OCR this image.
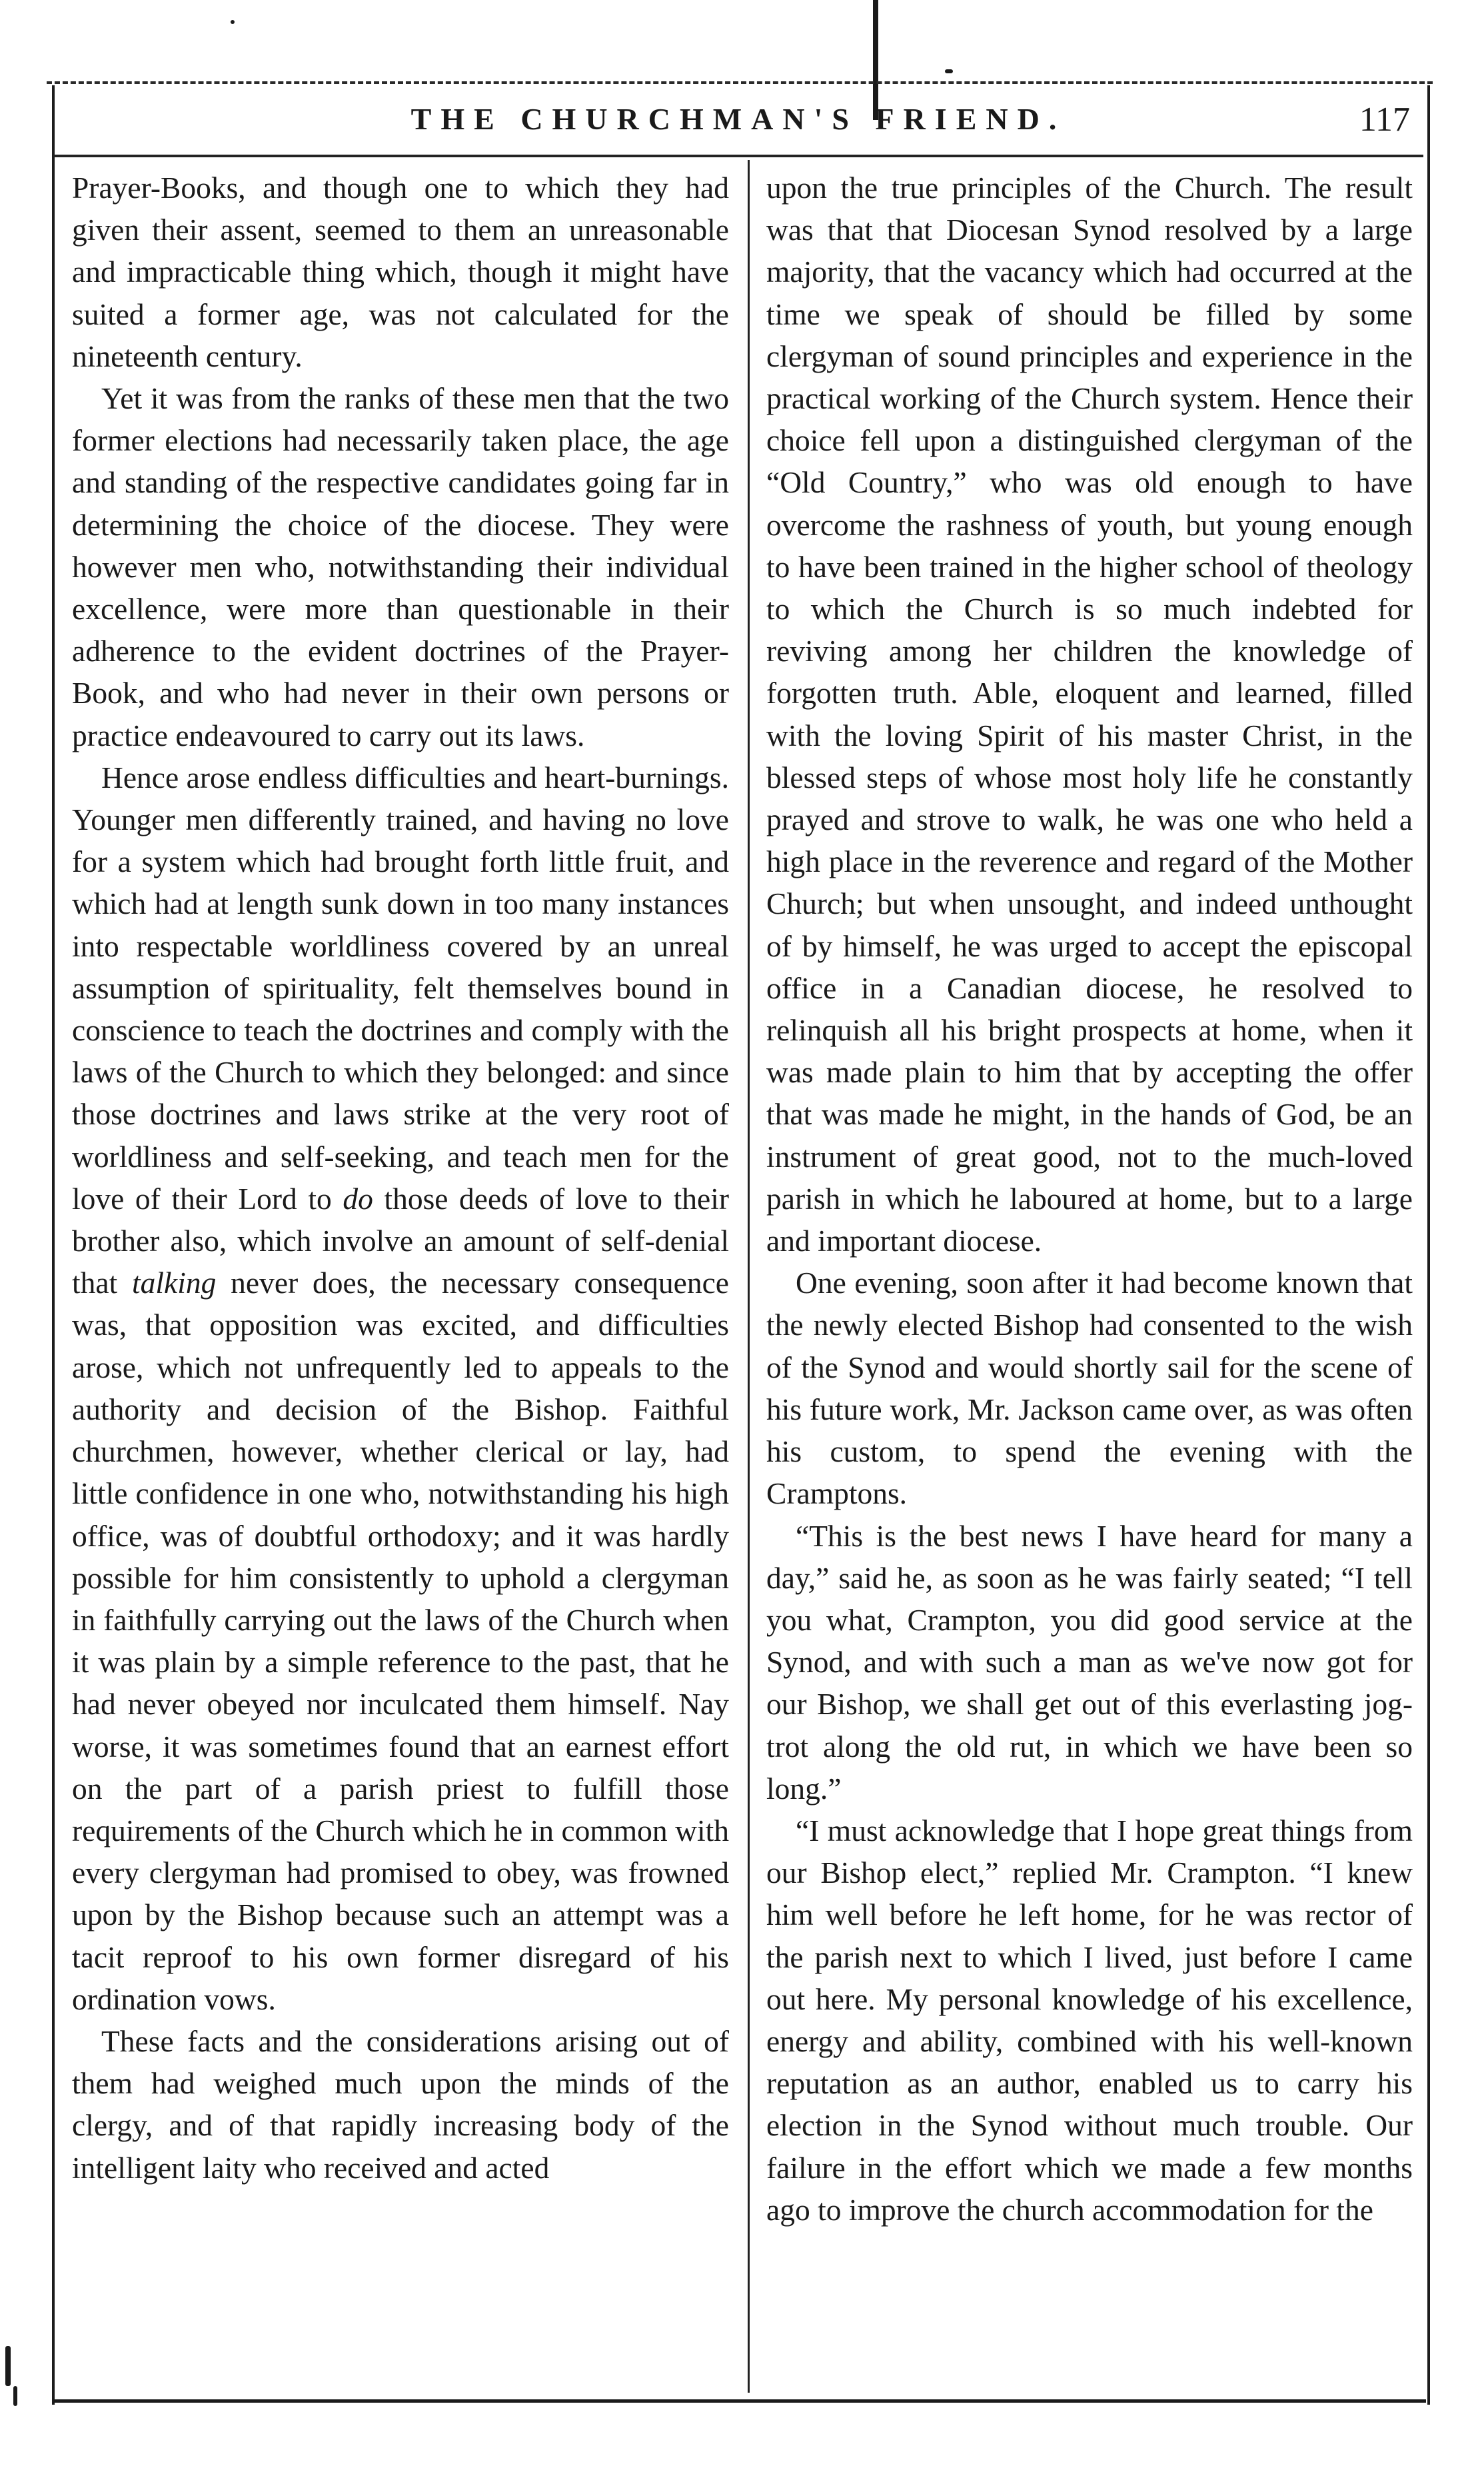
THE CHURCHMAN'S FRIEND.	117

Prayer-Books, and though one to which they had given their assent, seemed to them an unreasonable and impracticable thing which, though it might have suited a former age, was not calculated for the nineteenth century.

Yet it was from the ranks of these men that the two former elections had necessarily taken place, the age and standing of the respective candidates going far in determining the choice of the diocese. They were however men who, notwithstanding their individual excellence, were more than questionable in their adherence to the evident doctrines of the Prayer-Book, and who had never in their own persons or practice endeavoured to carry out its laws.

Hence arose endless difficulties and heart-burnings. Younger men differently trained, and having no love for a system which had brought forth little fruit, and which had at length sunk down in too many instances into respectable worldliness covered by an unreal assumption of spirituality, felt themselves bound in conscience to teach the doctrines and comply with the laws of the Church to which they belonged: and since those doctrines and laws strike at the very root of worldliness and self-seeking, and teach men for the love of their Lord to do those deeds of love to their brother also, which involve an amount of self-denial that talking never does, the necessary consequence was, that opposition was excited, and difficulties arose, which not unfrequently led to appeals to the authority and decision of the Bishop. Faithful churchmen, however, whether clerical or lay, had little confidence in one who, notwithstanding his high office, was of doubtful orthodoxy; and it was hardly possible for him consistently to uphold a clergyman in faithfully carrying out the laws of the Church when it was plain by a simple reference to the past, that he had never obeyed nor inculcated them himself. Nay worse, it was sometimes found that an earnest effort on the part of a parish priest to fulfill those requirements of the Church which he in common with every clergyman had promised to obey, was frowned upon by the Bishop because such an attempt was a tacit reproof to his own former disregard of his ordination vows.

These facts and the considerations arising out of them had weighed much upon the minds of the clergy, and of that rapidly increasing body of the intelligent laity who received and acted

upon the true principles of the Church. The result was that that Diocesan Synod resolved by a large majority, that the vacancy which had occurred at the time we speak of should be filled by some clergyman of sound principles and experience in the practical working of the Church system. Hence their choice fell upon a distinguished clergyman of the “Old Country,” who was old enough to have overcome the rashness of youth, but young enough to have been trained in the higher school of theology to which the Church is so much indebted for reviving among her children the knowledge of forgotten truth. Able, eloquent and learned, filled with the loving Spirit of his master Christ, in the blessed steps of whose most holy life he constantly prayed and strove to walk, he was one who held a high place in the reverence and regard of the Mother Church; but when unsought, and indeed unthought of by himself, he was urged to accept the episcopal office in a Canadian diocese, he resolved to relinquish all his bright prospects at home, when it was made plain to him that by accepting the offer that was made he might, in the hands of God, be an instrument of great good, not to the much-loved parish in which he laboured at home, but to a large and important diocese.

One evening, soon after it had become known that the newly elected Bishop had consented to the wish of the Synod and would shortly sail for the scene of his future work, Mr. Jackson came over, as was often his custom, to spend the evening with the Cramptons.

“This is the best news I have heard for many a day,” said he, as soon as he was fairly seated; “I tell you what, Crampton, you did good service at the Synod, and with such a man as we've now got for our Bishop, we shall get out of this everlasting jog-trot along the old rut, in which we have been so long.”

“I must acknowledge that I hope great things from our Bishop elect,” replied Mr. Crampton. “I knew him well before he left home, for he was rector of the parish next to which I lived, just before I came out here. My personal knowledge of his excellence, energy and ability, combined with his well-known reputation as an author, enabled us to carry his election in the Synod without much trouble. Our failure in the effort which we made a few months ago to improve the church accommodation for the
